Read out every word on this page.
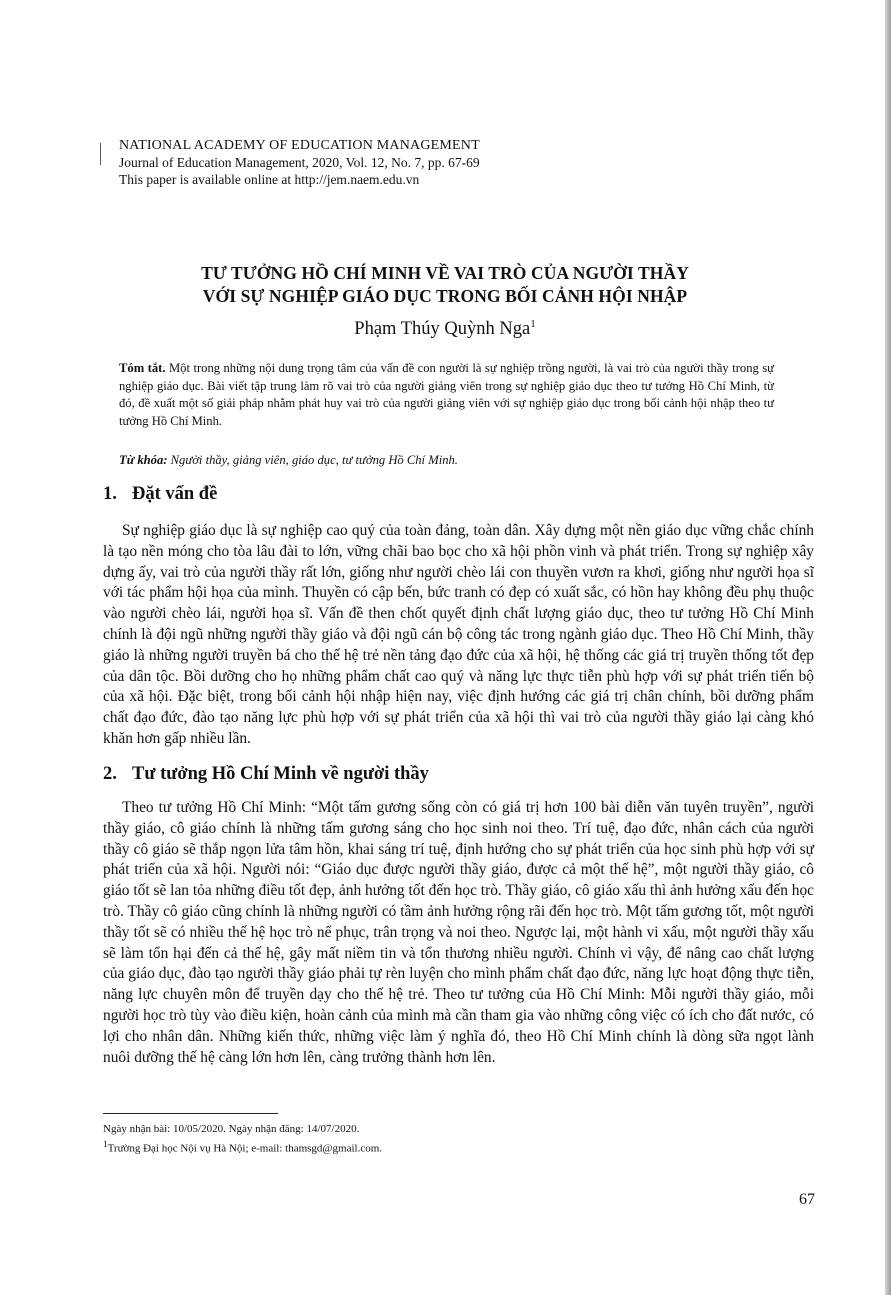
NATIONAL ACADEMY OF EDUCATION MANAGEMENT
Journal of Education Management, 2020, Vol. 12, No. 7, pp. 67-69
This paper is available online at http://jem.naem.edu.vn
TƯ TƯỞNG HỒ CHÍ MINH VỀ VAI TRÒ CỦA NGƯỜI THẦY
VỚI SỰ NGHIỆP GIÁO DỤC TRONG BỐI CẢNH HỘI NHẬP
Phạm Thúy Quỳnh Nga$^1$
Tóm tắt. Một trong những nội dung trọng tâm của vấn đề con người là sự nghiệp trồng người, là vai trò của người thầy trong sự nghiệp giáo dục. Bài viết tập trung làm rõ vai trò của người giảng viên trong sự nghiệp giáo dục theo tư tưởng Hồ Chí Minh, từ đó, đề xuất một số giải pháp nhằm phát huy vai trò của người giảng viên với sự nghiệp giáo dục trong bối cảnh hội nhập theo tư tưởng Hồ Chí Minh.
Từ khóa: Người thầy, giảng viên, giáo dục, tư tưởng Hồ Chí Minh.
1. Đặt vấn đề

Sự nghiệp giáo dục là sự nghiệp cao quý của toàn đảng, toàn dân. Xây dựng một nền giáo dục vững chắc chính là tạo nền móng cho tòa lâu đài to lớn, vững chãi bao bọc cho xã hội phồn vinh và phát triển. Trong sự nghiệp xây dựng ấy, vai trò của người thầy rất lớn, giống như người chèo lái con thuyền vươn ra khơi, giống như người họa sĩ với tác phẩm hội họa của mình. Thuyền có cập bến, bức tranh có đẹp có xuất sắc, có hồn hay không đều phụ thuộc vào người chèo lái, người họa sĩ. Vấn đề then chốt quyết định chất lượng giáo dục, theo tư tưởng Hồ Chí Minh chính là đội ngũ những người thầy giáo và đội ngũ cán bộ công tác trong ngành giáo dục. Theo Hồ Chí Minh, thầy giáo là những người truyền bá cho thế hệ trẻ nền tảng đạo đức của xã hội, hệ thống các giá trị truyền thống tốt đẹp của dân tộc. Bồi dưỡng cho họ những phẩm chất cao quý và năng lực thực tiễn phù hợp với sự phát triển tiến bộ của xã hội. Đặc biệt, trong bối cảnh hội nhập hiện nay, việc định hướng các giá trị chân chính, bồi dưỡng phẩm chất đạo đức, đào tạo năng lực phù hợp với sự phát triển của xã hội thì vai trò của người thầy giáo lại càng khó khăn hơn gấp nhiều lần.

2. Tư tưởng Hồ Chí Minh về người thầy

Theo tư tưởng Hồ Chí Minh: “Một tấm gương sống còn có giá trị hơn 100 bài diễn văn tuyên truyền”, người thầy giáo, cô giáo chính là những tấm gương sáng cho học sinh noi theo. Trí tuệ, đạo đức, nhân cách của người thầy cô giáo sẽ thắp ngọn lửa tâm hồn, khai sáng trí tuệ, định hướng cho sự phát triển của học sinh phù hợp với sự phát triển của xã hội. Người nói: “Giáo dục được người thầy giáo, được cả một thế hệ”, một người thầy giáo, cô giáo tốt sẽ lan tỏa những điều tốt đẹp, ảnh hưởng tốt đến học trò. Thầy giáo, cô giáo xấu thì ảnh hưởng xấu đến học trò. Thầy cô giáo cũng chính là những người có tầm ảnh hưởng rộng rãi đến học trò. Một tấm gương tốt, một người thầy tốt sẽ có nhiều thế hệ học trò nể phục, trân trọng và noi theo. Ngược lại, một hành vi xấu, một người thầy xấu sẽ làm tổn hại đến cả thế hệ, gây mất niềm tin và tổn thương nhiều người. Chính vì vậy, để nâng cao chất lượng của giáo dục, đào tạo người thầy giáo phải tự rèn luyện cho mình phẩm chất đạo đức, năng lực hoạt động thực tiễn, năng lực chuyên môn để truyền dạy cho thế hệ trẻ. Theo tư tưởng của Hồ Chí Minh: Mỗi người thầy giáo, mỗi người học trò tùy vào điều kiện, hoàn cảnh của mình mà cần tham gia vào những công việc có ích cho đất nước, có lợi cho nhân dân. Những kiến thức, những việc làm ý nghĩa đó, theo Hồ Chí Minh chính là dòng sữa ngọt lành nuôi dưỡng thế hệ càng lớn hơn lên, càng trưởng thành hơn lên.

Ngày nhận bài: 10/05/2020. Ngày nhận đăng: 14/07/2020.
$^1$Trường Đại học Nội vụ Hà Nội; e-mail: thamsgd@gmail.com.
67
